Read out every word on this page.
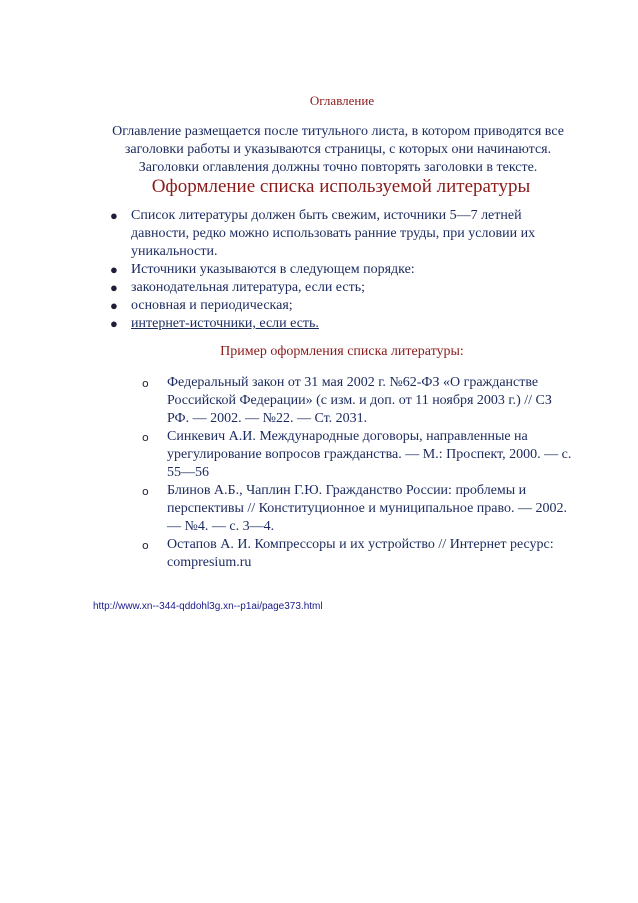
Оглавление
Оглавление размещается после титульного листа, в котором приводятся все
заголовки работы и указываются страницы, с которых они начинаются.
Заголовки оглавления должны точно повторять заголовки в тексте.
Оформление списка используемой литературы
● Список литературы должен быть свежим, источники 5—7 летней
давности, редко можно использовать ранние труды, при условии их
уникальности.
● Источники указываются в следующем порядке:
● законодательная литература, если есть;
● основная и периодическая;
● интернет-источники, если есть.
Пример оформления списка литературы:
o Федеральный закон от 31 мая 2002 г. №62-ФЗ «О гражданстве
Российской Федерации» (с изм. и доп. от 11 ноября 2003 г.) // СЗ
РФ. — 2002. — №22. — Ст. 2031.
o Синкевич А.И. Международные договоры, направленные на
урегулирование вопросов гражданства. — М.: Проспект, 2000. — с.
55—56
o Блинов А.Б., Чаплин Г.Ю. Гражданство России: проблемы и
перспективы // Конституционное и муниципальное право. — 2002.
— №4. — с. 3—4.
o Остапов А. И. Компрессоры и их устройство // Интернет ресурс:
compresium.ru
http://www.xn--344-qddohl3g.xn--p1ai/page373.html
